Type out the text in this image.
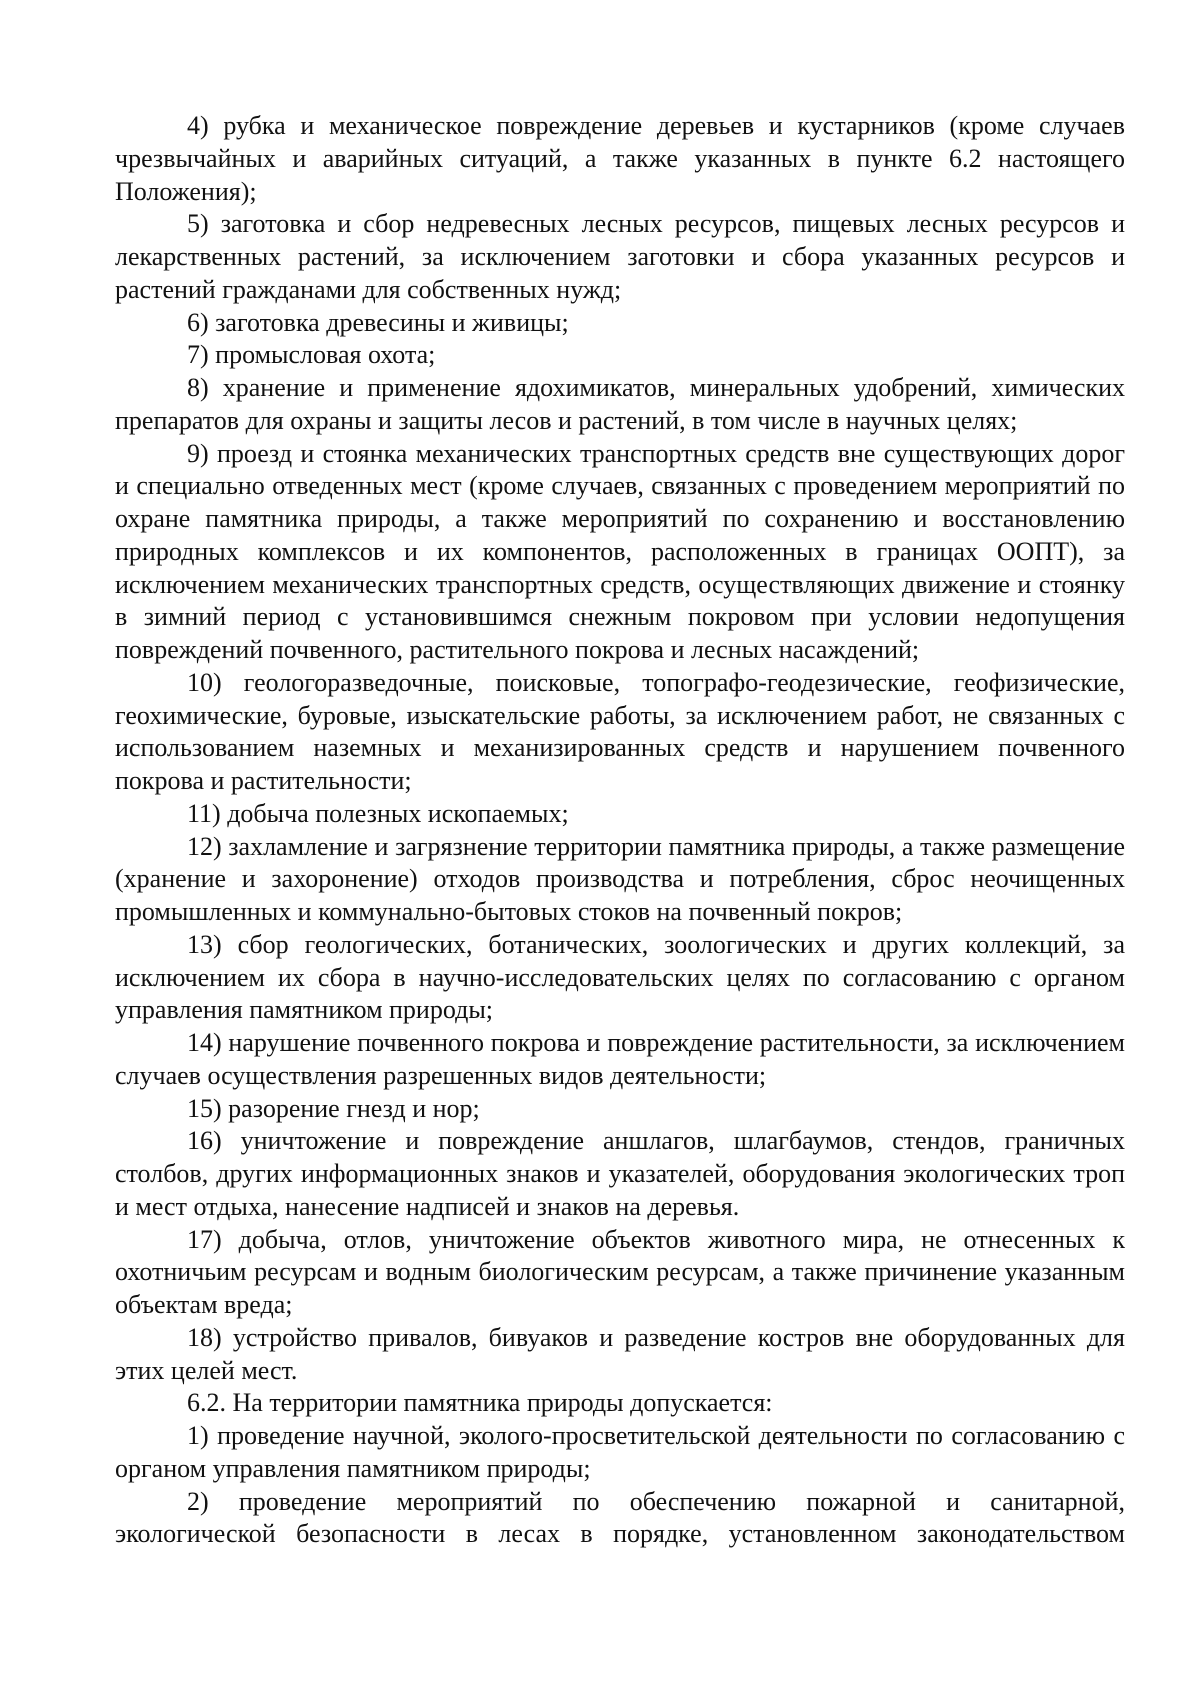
4) рубка и механическое повреждение деревьев и кустарников (кроме случаев чрезвычайных и аварийных ситуаций, а также указанных в пункте 6.2 настоящего Положения);

5) заготовка и сбор недревесных лесных ресурсов, пищевых лесных ресурсов и лекарственных растений, за исключением заготовки и сбора указанных ресурсов и растений гражданами для собственных нужд;

6) заготовка древесины и живицы;

7) промысловая охота;

8) хранение и применение ядохимикатов, минеральных удобрений, химических препаратов для охраны и защиты лесов и растений, в том числе в научных целях;

9) проезд и стоянка механических транспортных средств вне существующих дорог и специально отведенных мест (кроме случаев, связанных с проведением мероприятий по охране памятника природы, а также мероприятий по сохранению и восстановлению природных комплексов и их компонентов, расположенных в границах ООПТ), за исключением механических транспортных средств, осуществляющих движение и стоянку в зимний период с установившимся снежным покровом при условии недопущения повреждений почвенного, растительного покрова и лесных насаждений;

10) геологоразведочные, поисковые, топографо-геодезические, геофизические, геохимические, буровые, изыскательские работы, за исключением работ, не связанных с использованием наземных и механизированных средств и нарушением почвенного покрова и растительности;

11) добыча полезных ископаемых;

12) захламление и загрязнение территории памятника природы, а также размещение (хранение и захоронение) отходов производства и потребления, сброс неочищенных промышленных и коммунально-бытовых стоков на почвенный покров;

13) сбор геологических, ботанических, зоологических и других коллекций, за исключением их сбора в научно-исследовательских целях по согласованию с органом управления памятником природы;

14) нарушение почвенного покрова и повреждение растительности, за исключением случаев осуществления разрешенных видов деятельности;

15) разорение гнезд и нор;

16) уничтожение и повреждение аншлагов, шлагбаумов, стендов, граничных столбов, других информационных знаков и указателей, оборудования экологических троп и мест отдыха, нанесение надписей и знаков на деревья.

17) добыча, отлов, уничтожение объектов животного мира, не отнесенных к охотничьим ресурсам и водным биологическим ресурсам, а также причинение указанным объектам вреда;

18) устройство привалов, бивуаков и разведение костров вне оборудованных для этих целей мест.

6.2. На территории памятника природы допускается:

1) проведение научной, эколого-просветительской деятельности по согласованию с органом управления памятником природы;

2) проведение мероприятий по обеспечению пожарной и санитарной, экологической безопасности в лесах в порядке, установленном законодательством
